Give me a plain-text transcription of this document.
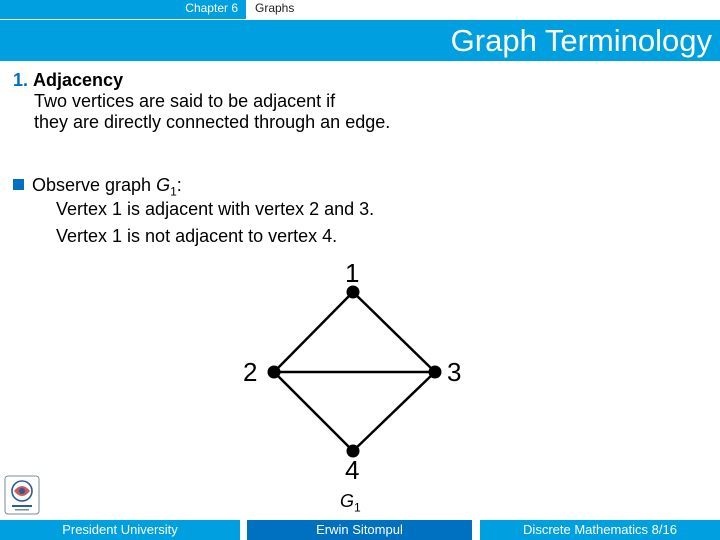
Chapter 6 Graphs
Graph Terminology
1. Adjacency
Two vertices are said to be adjacent if
they are directly connected through an edge.
Observe graph $G_1$:
Vertex 1 is adjacent with vertex 2 and 3.
Vertex 1 is not adjacent to vertex 4.
1
2	3
4
$G_1$
President University	Erwin Sitompul	Discrete Mathematics 8/16
